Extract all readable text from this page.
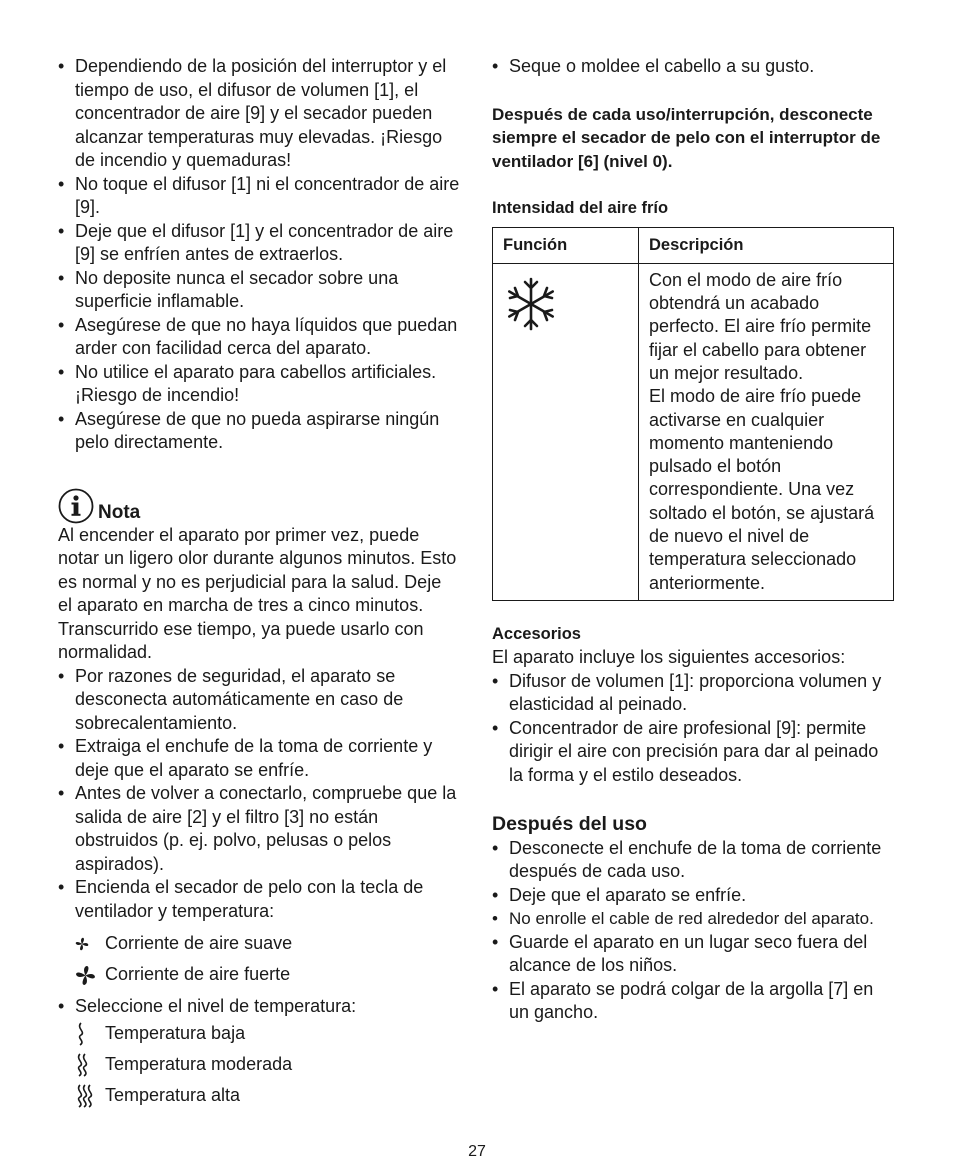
• Dependiendo de la posición del interruptor y el tiempo de uso, el difusor de volumen [1], el concentrador de aire [9] y el secador pueden alcanzar temperaturas muy elevadas. ¡Riesgo de incendio y quemaduras!
• No toque el difusor [1] ni el concentrador de aire [9].
• Deje que el difusor [1] y el concentrador de aire [9] se enfríen antes de extraerlos.
• No deposite nunca el secador sobre una superficie inflamable.
• Asegúrese de que no haya líquidos que puedan arder con facilidad cerca del aparato.
• No utilice el aparato para cabellos artificiales. ¡Riesgo de incendio!
• Asegúrese de que no pueda aspirarse ningún pelo directamente.
Nota

Al encender el aparato por primer vez, puede notar un ligero olor durante algunos minutos. Esto es normal y no es perjudicial para la salud. Deje el aparato en marcha de tres a cinco minutos. Transcurrido ese tiempo, ya puede usarlo con normalidad.

• Por razones de seguridad, el aparato se desconecta automáticamente en caso de sobrecalentamiento.
• Extraiga el enchufe de la toma de corriente y deje que el aparato se enfríe.
• Antes de volver a conectarlo, compruebe que la salida de aire [2] y el filtro [3] no están obstruidos (p. ej. polvo, pelusas o pelos aspirados).
• Encienda el secador de pelo con la tecla de ventilador y temperatura:
Corriente de aire suave
Corriente de aire fuerte
• Seleccione el nivel de temperatura:
Temperatura baja
Temperatura moderada
Temperatura alta
• Seque o moldee el cabello a su gusto.

Después de cada uso/interrupción, desconecte siempre el secador de pelo con el interruptor de ventilador [6] (nivel 0).

Intensidad del aire frío

Función	Descripción

Con el modo de aire frío obtendrá un acabado perfecto. El aire frío permite fijar el cabello para obtener un mejor resultado.
El modo de aire frío puede activarse en cualquier momento manteniendo pulsado el botón correspondiente. Una vez soltado el botón, se ajustará de nuevo el nivel de temperatura seleccionado anteriormente.

Accesorios

El aparato incluye los siguientes accesorios:

• Difusor de volumen [1]: proporciona volumen y elasticidad al peinado.
• Concentrador de aire profesional [9]: permite dirigir el aire con precisión para dar al peinado la forma y el estilo deseados.

Después del uso

• Desconecte el enchufe de la toma de corriente después de cada uso.
• Deje que el aparato se enfríe.
• No enrolle el cable de red alrededor del aparato.
• Guarde el aparato en un lugar seco fuera del alcance de los niños.
• El aparato se podrá colgar de la argolla [7] en un gancho.
27
